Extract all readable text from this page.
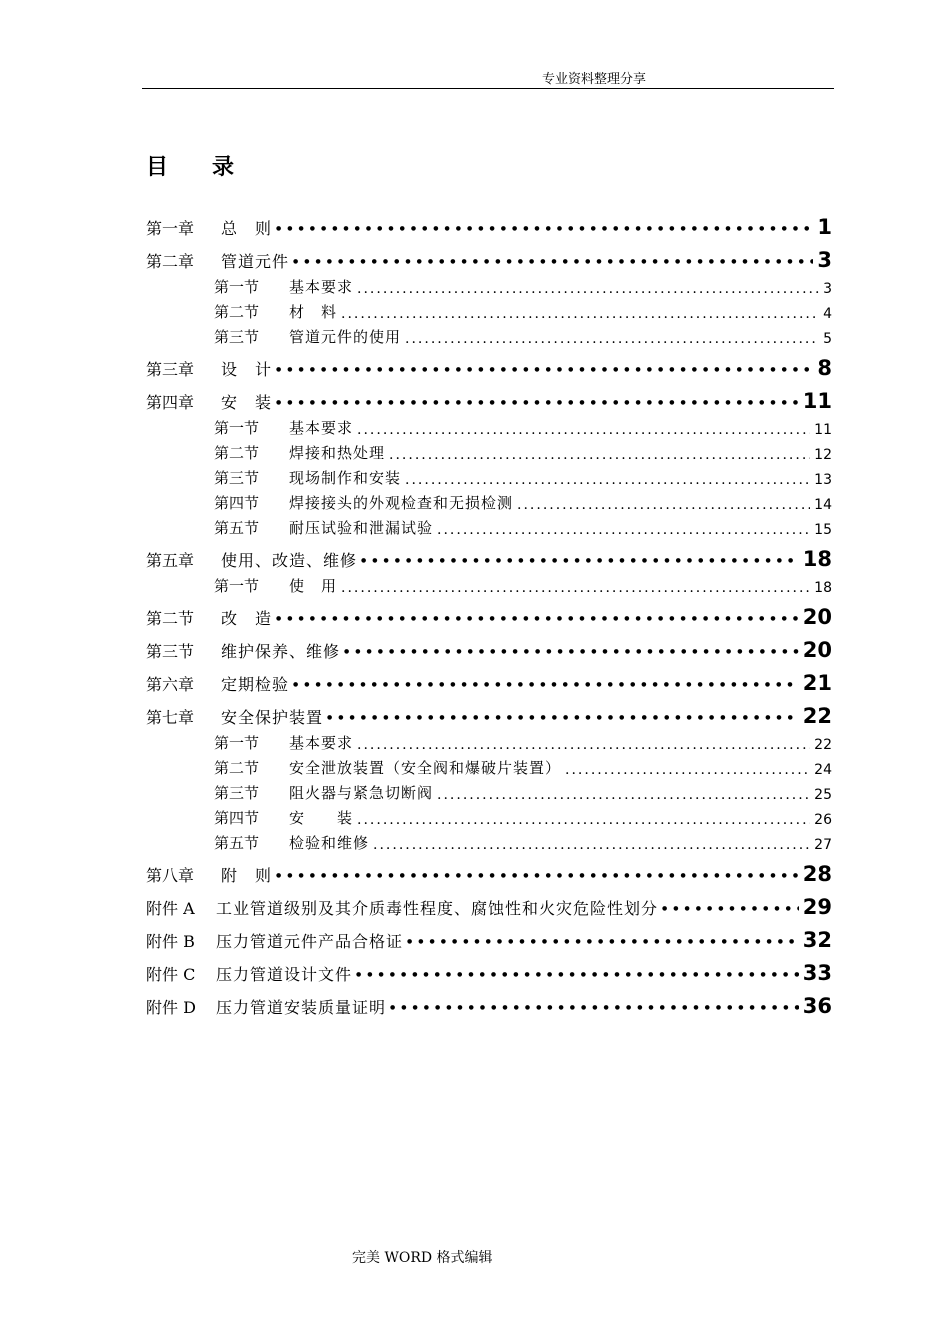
专业资料整理分享
目录
第一章	总　则 ●●●●●●●●●●●●●●●●●●●●●●●●●●●●●●●●●●●●●●●●●●●●●●●●●●●●●●●●●●●●●●●●●●●●●●●●●●●●●	1
第二章	管道元件 ●●●●●●●●●●●●●●●●●●●●●●●●●●●●●●●●●●●●●●●●●●●●●●●●●●●●●●●●●●●●●●●●●●●●●●●●●●●●●	3
第一节	基本要求 .....	3
第二节	材　料 .....	4
第三节	管道元件的使用 .....	5
第三章	设　计 ●●●●●●●●●●●●●●●●●●●●●●●●●●●●●●●●●●●●●●●●●●●●●●●●●●●●●●●●●●●●●●●●●●●●●●●●●●●●●	8
第四章	安　装 ●●●●●●●●●●●●●●●●●●●●●●●●●●●●●●●●●●●●●●●●●●●●●●●●●●●●●●●●●●●●●●●●●●●●●●●●●●●●●	11
第一节	基本要求 .....	11
第二节	焊接和热处理 .....	12
第三节	现场制作和安装 .....	13
第四节	焊接接头的外观检查和无损检测 .....	14
第五节	耐压试验和泄漏试验 .....	15
第五章	使用、改造、维修 ●●●●●●●●●●●●●●●●●●●●●●●●●●●●●●●●●●●●●●●●●●●●●●●●●●●●●●●●●●●●●●●●●●●●●●●●●●●●●	18
第一节	使　用 .....	18
第二节	改　造 ●●●●●●●●●●●●●●●●●●●●●●●●●●●●●●●●●●●●●●●●●●●●●●●●●●●●●●●●●●●●●●●●●●●●●●●●●●●●●	20
第三节	维护保养、维修 ●●●●●●●●●●●●●●●●●●●●●●●●●●●●●●●●●●●●●●●●●●●●●●●●●●●●●●●●●●●●●●●●●●●●●●●●●●●●●	20
第六章	定期检验 ●●●●●●●●●●●●●●●●●●●●●●●●●●●●●●●●●●●●●●●●●●●●●●●●●●●●●●●●●●●●●●●●●●●●●●●●●●●●●	21
第七章	安全保护装置 ●●●●●●●●●●●●●●●●●●●●●●●●●●●●●●●●●●●●●●●●●●●●●●●●●●●●●●●●●●●●●●●●●●●●●●●●●●●●●	22
第一节	基本要求 .....	22
第二节	安全泄放装置（安全阀和爆破片装置） .....	24
第三节	阻火器与紧急切断阀 .....	25
第四节	安　　装 .....	26
第五节	检验和维修 .....	27
第八章	附　则 ●●●●●●●●●●●●●●●●●●●●●●●●●●●●●●●●●●●●●●●●●●●●●●●●●●●●●●●●●●●●●●●●●●●●●●●●●●●●●	28
附件 A	工业管道级别及其介质毒性程度、腐蚀性和火灾危险性划分 ●●●●●●●●●●●●●●●●●●●●●●●●●●●●●●●●●●●●●●●●●●●●●●●●●●●●●●●●●●●●●●●●●●●●●●●●●●●●●	29
附件 B	压力管道元件产品合格证 ●●●●●●●●●●●●●●●●●●●●●●●●●●●●●●●●●●●●●●●●●●●●●●●●●●●●●●●●●●●●●●●●●●●●●●●●●●●●●	32
附件 C	压力管道设计文件 ●●●●●●●●●●●●●●●●●●●●●●●●●●●●●●●●●●●●●●●●●●●●●●●●●●●●●●●●●●●●●●●●●●●●●●●●●●●●●	33
附件 D	压力管道安装质量证明 ●●●●●●●●●●●●●●●●●●●●●●●●●●●●●●●●●●●●●●●●●●●●●●●●●●●●●●●●●●●●●●●●●●●●●●●●●●●●●	36
完美 WORD 格式编辑
